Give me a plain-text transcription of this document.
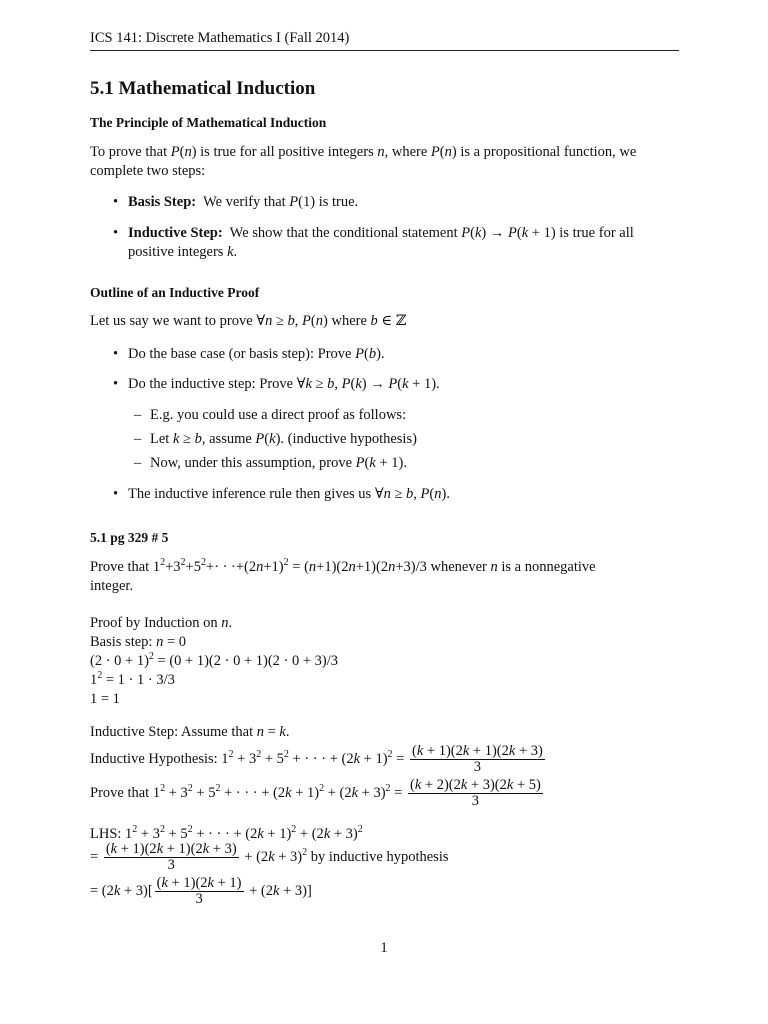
ICS 141: Discrete Mathematics I (Fall 2014)
5.1 Mathematical Induction
The Principle of Mathematical Induction
To prove that P(n) is true for all positive integers n, where P(n) is a propositional function, we
complete two steps:
• Basis Step: We verify that P(1) is true.
• Inductive Step: We show that the conditional statement P(k) → P(k + 1) is true for all
positive integers k.
Outline of an Inductive Proof
Let us say we want to prove ∀n ≥ b, P(n) where b ∈ ℤ
• Do the base case (or basis step): Prove P(b).
• Do the inductive step: Prove ∀k ≥ b, P(k) → P(k + 1).
– E.g. you could use a direct proof as follows:
– Let k ≥ b, assume P(k). (inductive hypothesis)
– Now, under this assumption, prove P(k + 1).
• The inductive inference rule then gives us ∀n ≥ b, P(n).
5.1 pg 329 # 5
Prove that $1^2+3^2+5^2+\cdot \cdot \cdot+(2n+1)^2 = (n+1)(2n+1)(2n+3)/3$ whenever n is a nonnegative
integer.
Proof by Induction on n.
Basis step: n = 0
$(2 \cdot 0 + 1)^2 = (0 + 1)(2 \cdot 0 + 1)(2 \cdot 0 + 3)/3$
$1^2 = 1 \cdot 1 \cdot 3/3$
1 = 1
Inductive Step: Assume that n = k.
Inductive Hypothesis: $1^2 + 3^2 + 5^2$ + · · · + $(2k + 1)^2 = \frac{(k + 1)(2k + 1)(2k + 3)}{3}$
Prove that $1^2 + 3^2 + 5^2$ + · · · + $(2k + 1)^2 + (2k + 3)^2 = \frac{(k + 2)(2k + 3)(2k + 5)}{3}$
LHS: $1^2 + 3^2 + 5^2$ + · · · + $(2k + 1)^2 + (2k + 3)^2$
= $\frac{(k + 1)(2k + 1)(2k + 3)}{3} + (2k + 3)^2$ by inductive hypothesis
= $(2k + 3)[ \frac{(k + 1)(2k + 1)}{3} + (2k + 3)]$
1
